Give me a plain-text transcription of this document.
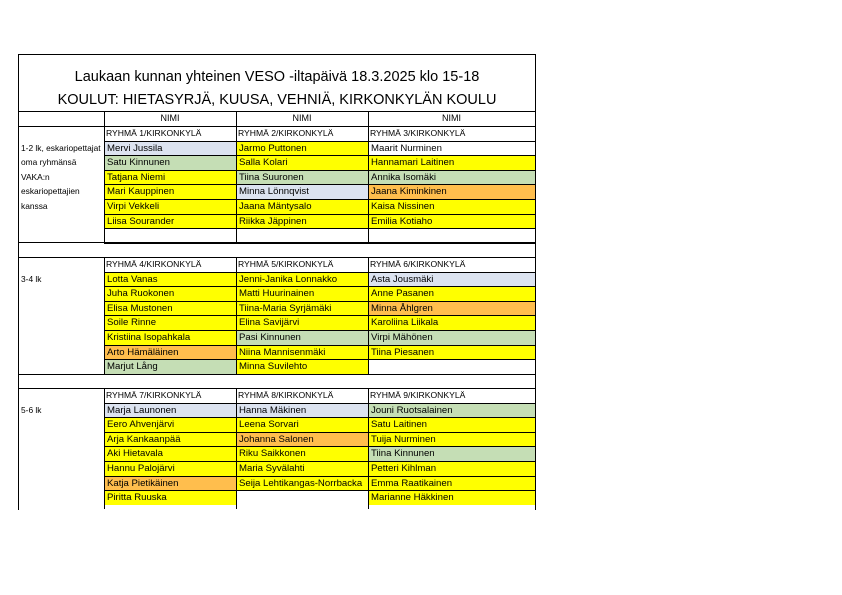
Laukaan kunnan yhteinen VESO -iltapäivä 18.3.2025 klo 15-18
KOULUT: HIETASYRJÄ, KUUSA, VEHNIÄ, KIRKONKYLÄN KOULU
NIMI	NIMI	NIMI
1-2 lk, eskariopettajat oma ryhmänsä VAKA:n eskariopettajien kanssa
RYHMÄ 1/KIRKONKYLÄ
Mervi Jussila
Satu Kinnunen
Tatjana Niemi
Mari Kauppinen
Virpi Vekkeli
Liisa Sourander
RYHMÄ 2/KIRKONKYLÄ
Jarmo Puttonen
Salla Kolari
Tiina Suuronen
Minna Lönnqvist
Jaana Mäntysalo
Riikka Jäppinen
RYHMÄ 3/KIRKONKYLÄ
Maarit Nurminen
Hannamari Laitinen
Annika Isomäki
Jaana Kiminkinen
Kaisa Nissinen
Emilia Kotiaho
3-4 lk
RYHMÄ 4/KIRKONKYLÄ
Lotta Vanas
Juha Ruokonen
Elisa Mustonen
Soile Rinne
Kristiina Isopahkala
Arto Hämäläinen
Marjut Lång
RYHMÄ 5/KIRKONKYLÄ
Jenni-Janika Lonnakko
Matti Huurinainen
Tiina-Maria Syrjämäki
Elina Savijärvi
Pasi Kinnunen
Niina Mannisenmäki
Minna Suvilehto
RYHMÄ 6/KIRKONKYLÄ
Asta Jousmäki
Anne Pasanen
Minna Åhlgren
Karoliina Liikala
Virpi Mähönen
Tiina Piesanen
5-6 lk
RYHMÄ 7/KIRKONKYLÄ
Marja Launonen
Eero Ahvenjärvi
Arja Kankaanpää
Aki Hietavala
Hannu Palojärvi
Katja Pietikäinen
Piritta Ruuska
RYHMÄ 8/KIRKONKYLÄ
Hanna Mäkinen
Leena Sorvari
Johanna Salonen
Riku Saikkonen
Maria Syvälahti
Seija Lehtikangas-Norrbacka
RYHMÄ 9/KIRKONKYLÄ
Jouni Ruotsalainen
Satu Laitinen
Tuija Nurminen
Tiina Kinnunen
Petteri Kihlman
Emma Raatikainen
Marianne Häkkinen
